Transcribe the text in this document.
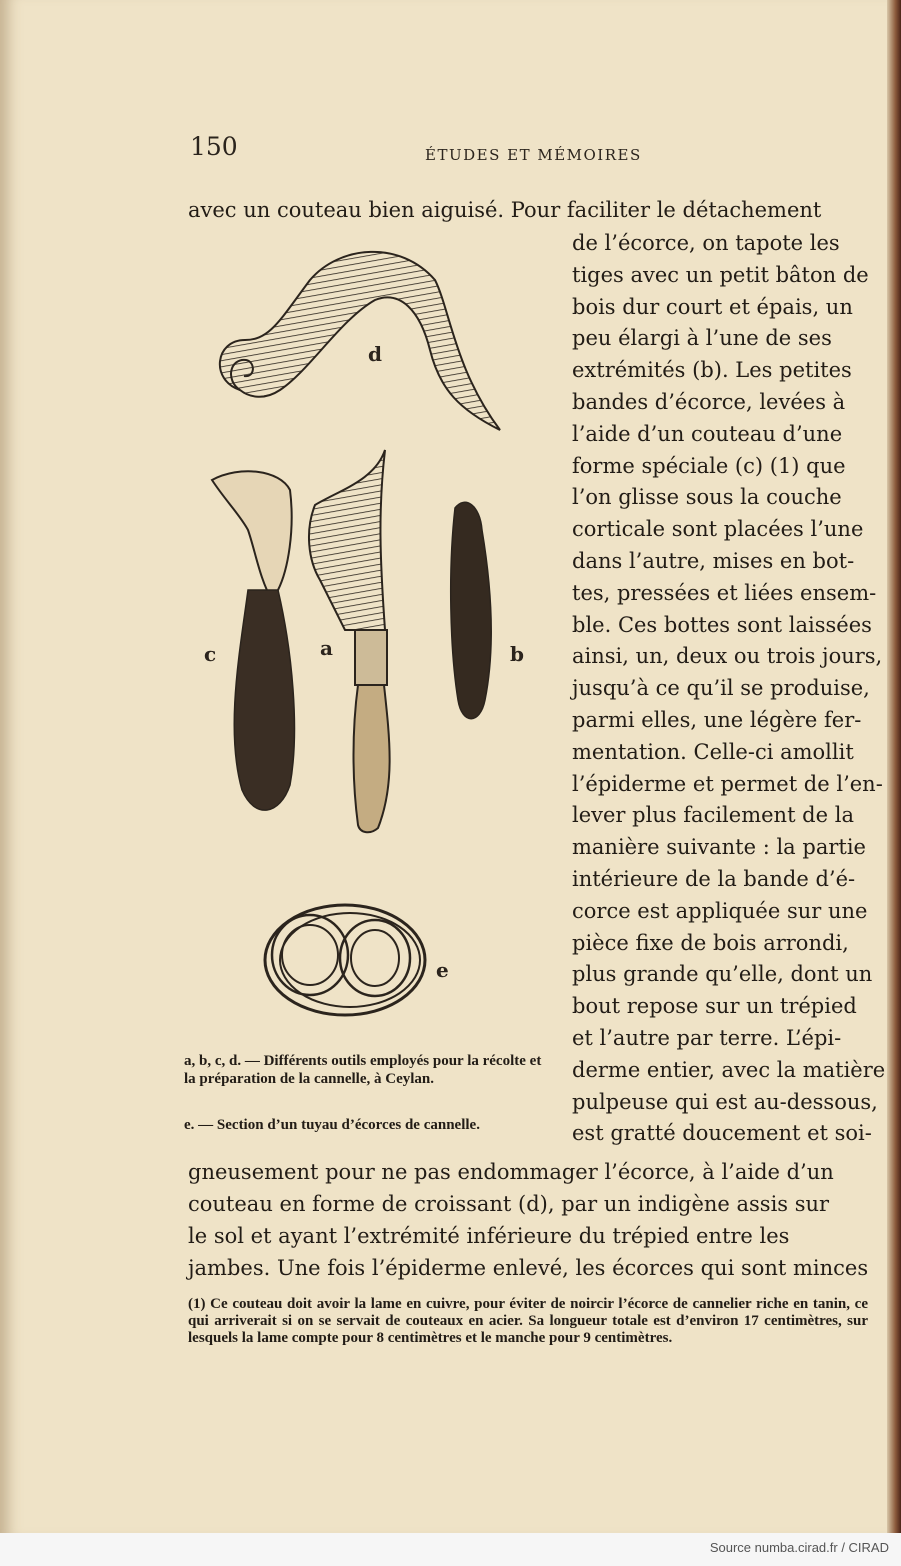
150	ÉTUDES ET MÉMOIRES
avec un couteau bien aiguisé. Pour faciliter le détachement
de l’écorce, on tapote les
tiges avec un petit bâton de
bois dur court et épais, un
peu élargi à l’une de ses
extrémités (b). Les petites
bandes d’écorce, levées à
l’aide d’un couteau d’une
forme spéciale (c) (1) que
l’on glisse sous la couche
corticale sont placées l’une
dans l’autre, mises en bot-
tes, pressées et liées ensem-
ble. Ces bottes sont laissées
ainsi, un, deux ou trois jours,
jusqu’à ce qu’il se produise,
parmi elles, une légère fer-
mentation. Celle-ci amollit
l’épiderme et permet de l’en-
lever plus facilement de la
manière suivante : la partie
intérieure de la bande d’é-
corce est appliquée sur une
pièce fixe de bois arrondi,
plus grande qu’elle, dont un
bout repose sur un trépied
et l’autre par terre. L’épi-
derme entier, avec la matière
pulpeuse qui est au-dessous,
est gratté doucement et soi-
d
c	a	b
e
a, b, c, d. — Différents outils employés pour la récolte et la préparation de la cannelle, à Ceylan.
e. — Section d’un tuyau d’écorces de cannelle.
gneusement pour ne pas endommager l’écorce, à l’aide d’un
couteau en forme de croissant (d), par un indigène assis sur
le sol et ayant l’extrémité inférieure du trépied entre les
jambes. Une fois l’épiderme enlevé, les écorces qui sont minces
(1) Ce couteau doit avoir la lame en cuivre, pour éviter de noircir l’écorce de cannelier riche en tanin, ce qui arriverait si on se servait de couteaux en acier. Sa longueur totale est d’environ 17 centimètres, sur lesquels la lame compte pour 8 centimètres et le manche pour 9 centimètres.
Source numba.cirad.fr / CIRAD
